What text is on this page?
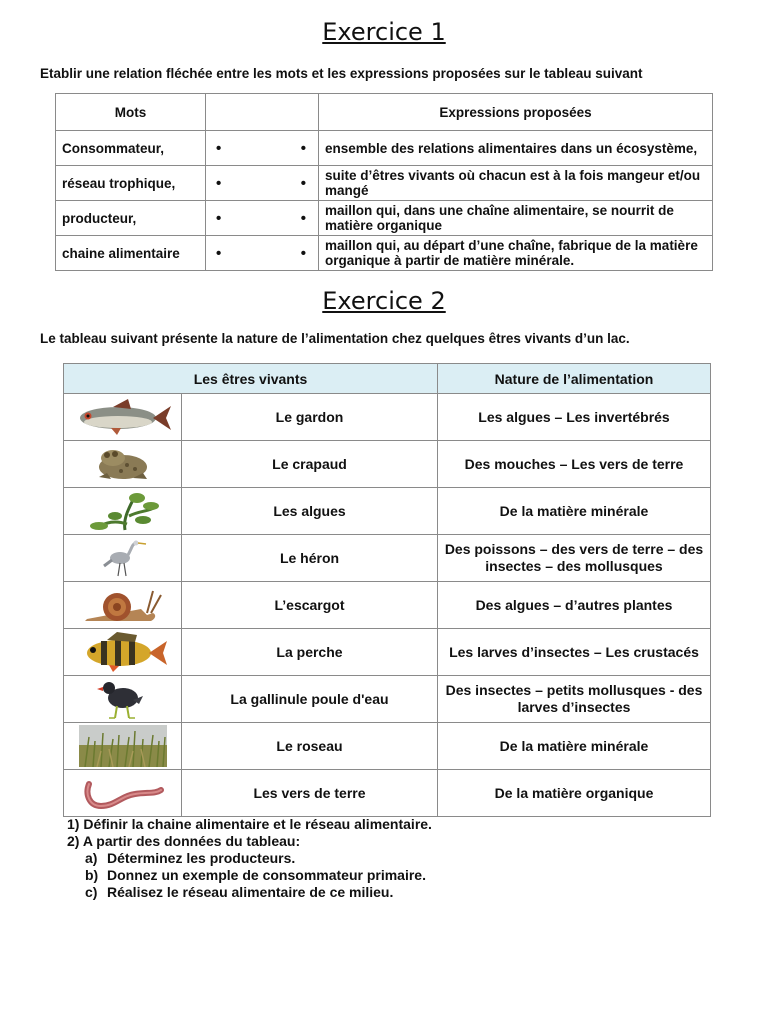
Exercice 1
Etablir une relation fléchée entre les mots et les expressions proposées sur le tableau suivant
Mots		Expressions proposées
Consommateur,	• •	ensemble des relations alimentaires dans un écosystème,
réseau trophique,	• •	suite d’êtres vivants où chacun est à la fois mangeur et/ou mangé
producteur,	• •	maillon qui, dans une chaîne alimentaire, se nourrit de matière organique
chaine alimentaire	• •	maillon qui, au départ d’une chaîne, fabrique de la matière organique à partir de matière minérale.
Exercice 2
Le tableau suivant présente la nature de l’alimentation chez quelques êtres vivants d’un lac.
Les êtres vivants		Nature de l’alimentation

	Le gardon	Les algues – Les invertébrés

	Le crapaud	Des mouches – Les vers de terre

	Les algues	De la matière minérale

	Le héron	Des poissons – des vers de terre – des insectes – des mollusques

	L’escargot	Des algues – d’autres plantes

	La perche	Les larves d’insectes – Les crustacés

	La gallinule poule d'eau	Des insectes – petits mollusques - des larves d’insectes

	Le roseau	De la matière minérale

	Les vers de terre	De la matière organique
1) Définir la chaine alimentaire et le réseau alimentaire.
2) A partir des données du tableau:
a) Déterminez les producteurs.
b) Donnez un exemple de consommateur primaire.
c) Réalisez le réseau alimentaire de ce milieu.
